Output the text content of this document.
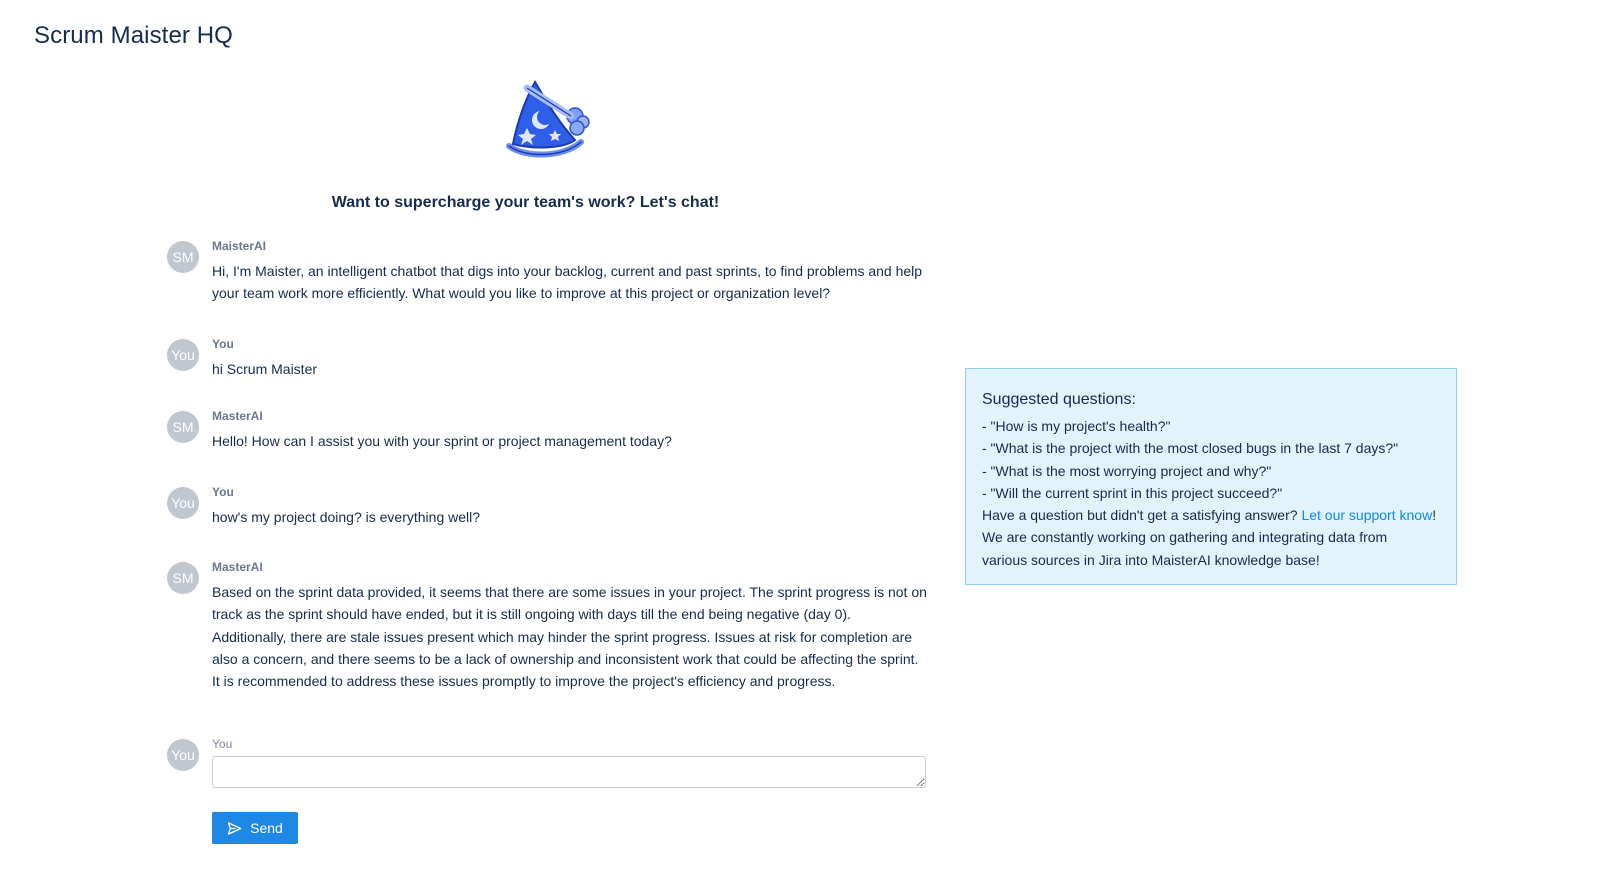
Scrum Maister HQ
Want to supercharge your team's work? Let's chat!
SM
MaisterAI
Hi, I'm Maister, an intelligent chatbot that digs into your backlog, current and past sprints, to find problems and help your team work more efficiently. What would you like to improve at this project or organization level?
You
You
hi Scrum Maister
SM
MasterAI
Hello! How can I assist you with your sprint or project management today?
You
You
how's my project doing? is everything well?
SM
MasterAI
Based on the sprint data provided, it seems that there are some issues in your project. The sprint progress is not on track as the sprint should have ended, but it is still ongoing with days till the end being negative (day 0). Additionally, there are stale issues present which may hinder the sprint progress. Issues at risk for completion are also a concern, and there seems to be a lack of ownership and inconsistent work that could be affecting the sprint. It is recommended to address these issues promptly to improve the project's efficiency and progress.
You
You
Send
Suggested questions:
- "How is my project's health?"
- "What is the project with the most closed bugs in the last 7 days?"
- "What is the most worrying project and why?"
- "Will the current sprint in this project succeed?"
Have a question but didn't get a satisfying answer? Let our support know!
We are constantly working on gathering and integrating data from
various sources in Jira into MaisterAI knowledge base!
